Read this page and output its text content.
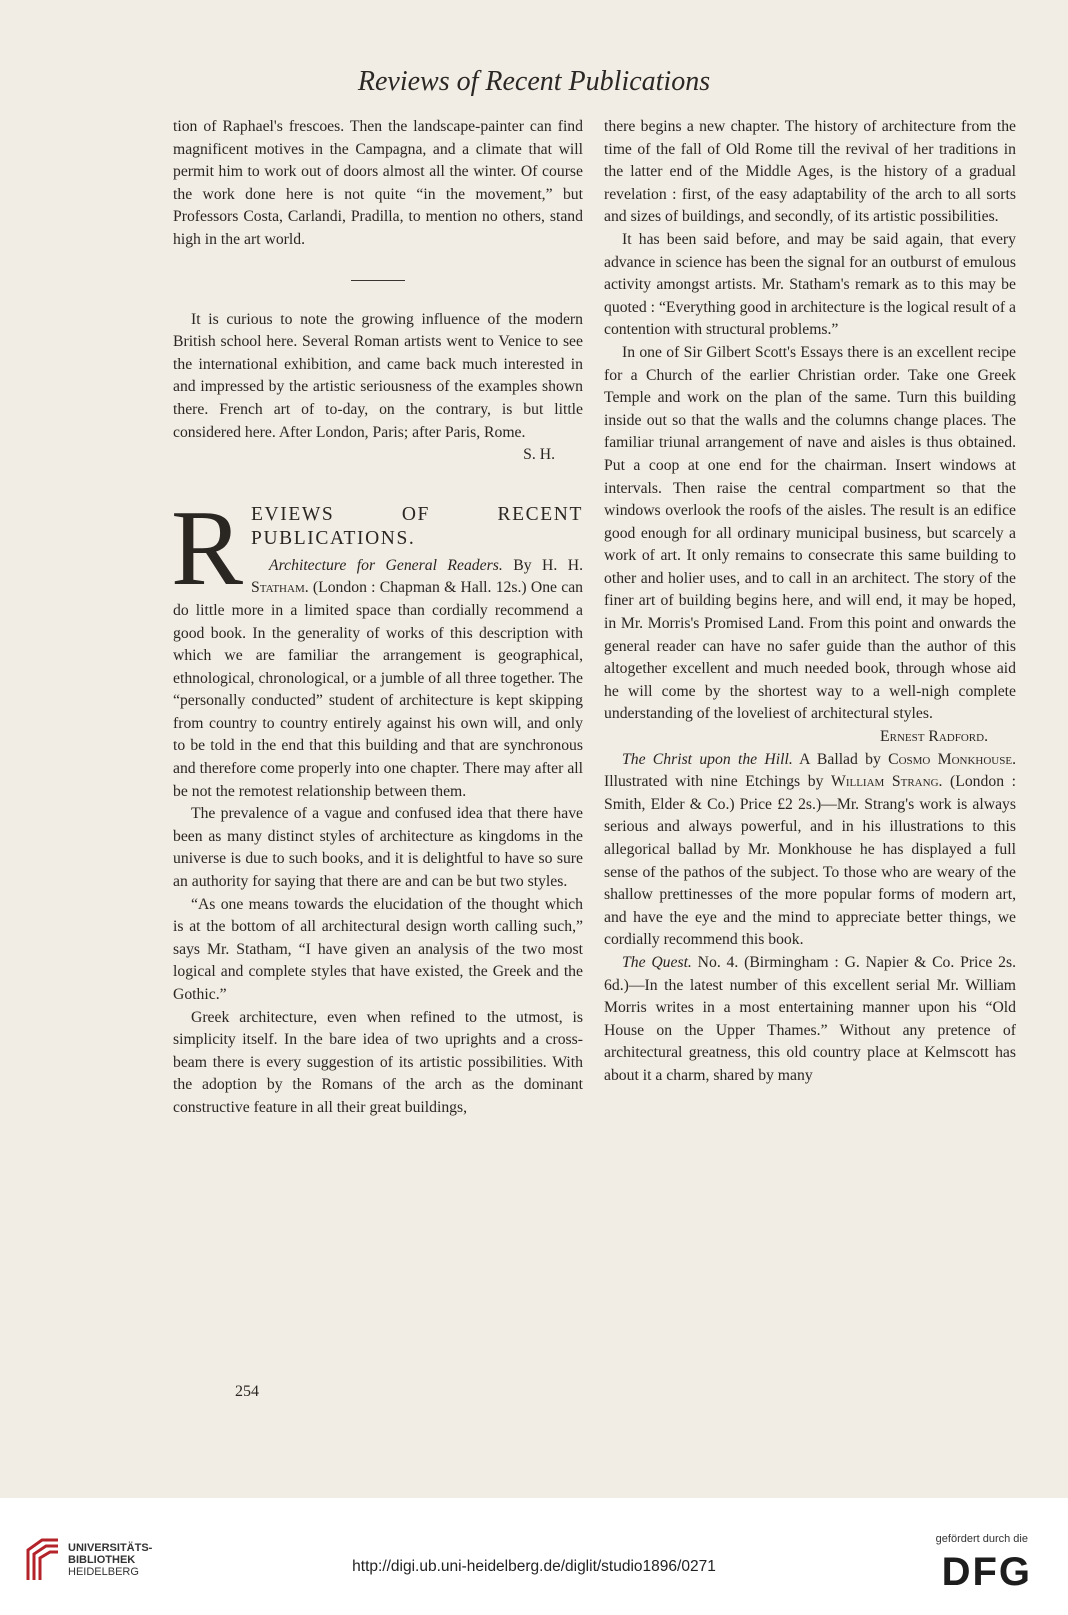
Reviews of Recent Publications

tion of Raphael's frescoes. Then the landscape-painter can find magnificent motives in the Campagna, and a climate that will permit him to work out of doors almost all the winter. Of course the work done here is not quite “in the movement,” but Professors Costa, Carlandi, Pradilla, to mention no others, stand high in the art world.

It is curious to note the growing influence of the modern British school here. Several Roman artists went to Venice to see the international exhibition, and came back much interested in and impressed by the artistic seriousness of the examples shown there. French art of to-day, on the contrary, is but little considered here. After London, Paris; after Paris, Rome.

S. H.

R EVIEWS OF RECENT PUBLICATIONS.

Architecture for General Readers. By H. H. Statham. (London : Chapman & Hall. 12s.) One can do little more in a limited space than cordially recommend a good book. In the generality of works of this description with which we are familiar the arrangement is geographical, ethnological, chronological, or a jumble of all three together. The “personally conducted” student of architecture is kept skipping from country to country entirely against his own will, and only to be told in the end that this building and that are synchronous and therefore come properly into one chapter. There may after all be not the remotest relationship between them.

The prevalence of a vague and confused idea that there have been as many distinct styles of architecture as kingdoms in the universe is due to such books, and it is delightful to have so sure an authority for saying that there are and can be but two styles.

“As one means towards the elucidation of the thought which is at the bottom of all architectural design worth calling such,” says Mr. Statham, “I have given an analysis of the two most logical and complete styles that have existed, the Greek and the Gothic.”

Greek architecture, even when refined to the utmost, is simplicity itself. In the bare idea of two uprights and a cross-beam there is every suggestion of its artistic possibilities. With the adoption by the Romans of the arch as the dominant constructive feature in all their great buildings,

there begins a new chapter. The history of architecture from the time of the fall of Old Rome till the revival of her traditions in the latter end of the Middle Ages, is the history of a gradual revelation : first, of the easy adaptability of the arch to all sorts and sizes of buildings, and secondly, of its artistic possibilities.

It has been said before, and may be said again, that every advance in science has been the signal for an outburst of emulous activity amongst artists. Mr. Statham's remark as to this may be quoted : “Everything good in architecture is the logical result of a contention with structural problems.”

In one of Sir Gilbert Scott's Essays there is an excellent recipe for a Church of the earlier Christian order. Take one Greek Temple and work on the plan of the same. Turn this building inside out so that the walls and the columns change places. The familiar triunal arrangement of nave and aisles is thus obtained. Put a coop at one end for the chairman. Insert windows at intervals. Then raise the central compartment so that the windows overlook the roofs of the aisles. The result is an edifice good enough for all ordinary municipal business, but scarcely a work of art. It only remains to consecrate this same building to other and holier uses, and to call in an architect. The story of the finer art of building begins here, and will end, it may be hoped, in Mr. Morris's Promised Land. From this point and onwards the general reader can have no safer guide than the author of this altogether excellent and much needed book, through whose aid he will come by the shortest way to a well-nigh complete understanding of the loveliest of architectural styles.

Ernest Radford.

The Christ upon the Hill. A Ballad by Cosmo Monkhouse. Illustrated with nine Etchings by William Strang. (London : Smith, Elder & Co.) Price £2 2s.)—Mr. Strang's work is always serious and always powerful, and in his illustrations to this allegorical ballad by Mr. Monkhouse he has displayed a full sense of the pathos of the subject. To those who are weary of the shallow prettinesses of the more popular forms of modern art, and have the eye and the mind to appreciate better things, we cordially recommend this book.

The Quest. No. 4. (Birmingham : G. Napier & Co. Price 2s. 6d.)—In the latest number of this excellent serial Mr. William Morris writes in a most entertaining manner upon his “Old House on the Upper Thames.” Without any pretence of architectural greatness, this old country place at Kelmscott has about it a charm, shared by many

254
UNIVERSITÄTS-
BIBLIOTHEK
HEIDELBERG	http://digi.ub.uni-heidelberg.de/diglit/studio1896/0271
gefördert durch die
DFG
